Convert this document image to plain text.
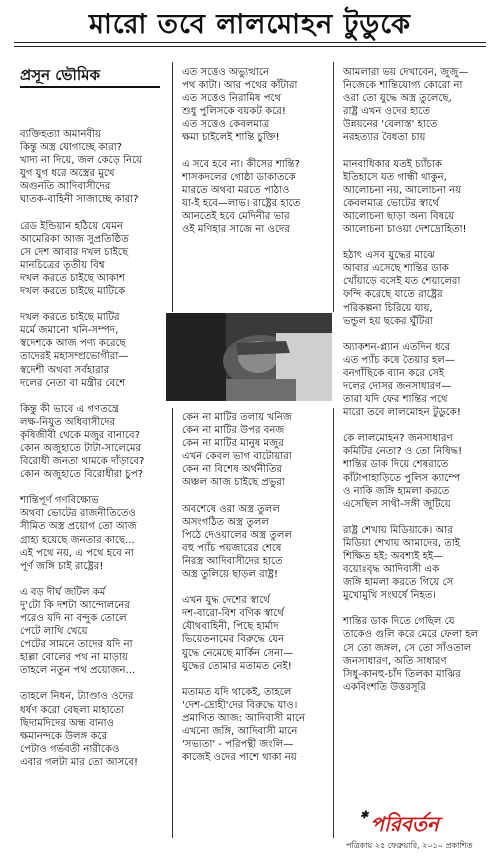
মারো তবে লালমোহন টুডুকে
প্রসূন ভৌমিক
ব্যক্তিহত্যা অমানবীয়
কিন্তু অস্ত্র যোগাচ্ছে কারা?
খাদ্য না দিয়ে, জল কেড়ে নিয়ে
যুগ যুগ ধরে অস্ত্রের মুখে
অগুনতি আদিবাসীদের
ঘাতক-বাহিনী সাজাচ্ছে কারা?
রেড ইন্ডিয়ান হঠিয়ে যেমন
আমেরিকা আজ সুপ্রতিষ্ঠিত
সে দেশ আবার দখল চাইছে
মানচিত্রের তৃতীয় বিশ্ব
দখল করতে চাইছে আকাশ
দখল করতে চাইছে মাটিকে
দখল করতে চাইছে মাটির
মর্মে জমানো খনি-সম্পদ,
স্বদেশকে আজ পণ্য করেছে
তাদেরই মহাসম্প্রভোগীরা—
স্বদেশী অথবা সর্বহারার
দলের নেতা বা মন্ত্রীর বেশে
কিন্তু কী ভাবে এ গণতন্ত্রে
লক্ষ-নিযুত অধিবাসীদের
কৃষিজীবী থেকে মজুর বানাবে?
কোন অজুহাতে টাটা-সালেমের
বিরোধী জনতা থামকে দাঁড়াবে?
কোন অজুহাতে বিরোধীরা চুপ?
শান্তিপূর্ণ গণবিক্ষোভ
অথবা ভোটের রাজনীতিতেও
সীমিত অস্ত্র প্রয়োগ তো আজ
গ্রাহ্য হয়েছে জনতার কাছে...
এই পথে নয়, এ পথে হবে না
পূর্ণ জঙ্গি চাই রাষ্ট্রের!
এ বড় দীর্ঘ জটিল কর্ম
দু'টো কি দশটা আন্দোলনের
পরেও যদি না বন্দুক তোলে
পেটে লাথি খেয়ে
পেটের সামনে তাদের যদি না
হাল্লা বোলের পথ না মাড়ায়
তাহলে নতুন পথ প্রয়োজন...
তাহলে নিধন, ট্যাণ্ডাও ওদের
ধর্ষণ করো বেছলা মাহাতো
ছিদামদিদের অন্ধ বানাও
ক্ষমানন্দকে উলঙ্গ করে
পেটাও গর্ভবতী নারীকেও
এবার গলটা মার তো আসবে!
এত সত্তেও অভ্যুত্থানে
পথ কাটা। আর পথের কাঁটারা
এত সত্তেও নিরামিষ পথে
শুধু পুলিসকে বয়কট করে!
এত সত্তেও কেবলমাত্র
ক্ষমা চাইলেই শান্তি চুক্তি!
এ সবে হবে না। কীসের শান্তি?
শাসকদলের গোষ্ঠা ডাকাতকে
মারতে অথবা মরতে পাঠাও
যা-ই হবে—লাভ। রাষ্ট্রের হাতে
আনতেই হবে মেদিনীর ভার
ওই মণিহার সাজে না ওদের
কেন না মাটির তলায় খনিজ
কেন না মাটির উপর বনজ
কেন না মাটির মানুষ মজুর
এখন কেবল ভাগ বাটোয়ারা
কেন না বিশেষ অর্থনীতির
অঞ্চল আজ চাইছে প্রভুরা
অবশেষে ওরা অস্ত্র তুলল
অসংগঠিত অস্ত্র তুলল
পিঠে দেওয়ালের অস্ত্র তুলল
বহু প্যাঁচ পয়জারের শেষে
নিরস্ত্র আদিবাসীদের হাতে
অস্ত্র তুলিয়ে ছাড়ল রাষ্ট্র!
এখন যুদ্ধ দেশের স্বার্থে
দশ-বারো-বিশ বণিক স্বার্থে
যৌথবাহিনী, পিছে হার্মাদ
ভিয়েতনামের বিরুদ্ধে যেন
যুদ্ধে নেমেছে মার্কিন সেনা—
যুদ্ধের তোমার মতামত নেই!
মতামত যদি থাকেই, তাহলে
'দেশ-দ্রোহী'দের বিরুদ্ধে যাও।
প্রমাণিত আজ: আদিবাসী মানে
এখনো জঙ্গি, আদিবাসী মানে
'সভ্যতা' - পরিপন্থী জংলি—
কাজেই ওদের পাশে থাকা নয়
আমলারা ভয় দেখাবেন, জুজু—
নিজেকে শান্তিযোগ্য কোরো না
ওরা তো যুদ্ধে অস্ত্র তুলেছে,
রাষ্ট্র এখন ওদের হাতে
উন্নয়নের 'বেলাস্ত' হাতে
নরহত্যার বৈধতা চায়
মানবাধিকার যতই চ্যাঁচাক
ইতিহাসে যত গান্ধী থাকুন,
আলোচনা নয়, আলোচনা নয়
কেবলমাত্র ভোটের স্বার্থে
আলোচনা ছাড়া অন্য বিষয়ে
আলোচনা চাওয়া দেশদ্রোহিতা!
হঠাৎ এসব যুদ্ধের মাঝে
আবার এসেছে শান্তির ডাক
খোঁয়াড়ে বসেই যত শেয়ালেরা
ফন্দি করেছে যাতে রাষ্ট্রের
পরিকল্পনা চিরিয়ে যায়,
ভন্ডুল হয় ছকের ঘুঁটিরা
অ্যাকশন-প্ল্যান এতদিন ধরে
এত প্যাঁচ কষে তৈয়ার হল—
বনগাঁছিকে ব্যান করে সেই
দলের দোসর জনসাধারণ—
তারা যদি ফের শান্তির পথে
মারো তবে লালমোহন টুডুকে!
কে লালমোহন? জনসাধারণ
কমিটির নেতা? ও তো নিষিদ্ধ!
শান্তির ডাক দিয়ে শেষরাতে
কাঁটাপাহাড়িতে পুলিস ক্যাম্পে
ও নাকি জঙ্গি হামলা করতে
এসেছিল সাথী-সঙ্গী জুটিয়ে
রাষ্ট্র শেখায় মিডিয়াকে। আর
মিডিয়া শেখায় আমাদের, তাই
শিক্ষিত হই: অবশ্যই হই—
বয়োঃবৃদ্ধ আদিবাসী এক
জঙ্গি হামলা করতে গিয়ে সে
মুখোমুখি সংঘর্ষে নিহত।
শান্তির ডাক দিতে গেছিল যে
তাকেও গুলি করে মেরে ফেলা হল
সে তো জঙ্গল, সে তো সাঁওতাল
জনসাধারণ, অতি সাধারণ
সিধু-কানহু-চাঁদ তিলকা মাঝির
একবিংশতি উত্তরসূরি
✱ পরিবর্তন
পত্রিকায় ২৫ ফেব্রুয়ারি, ২০১০ প্রকাশিত
